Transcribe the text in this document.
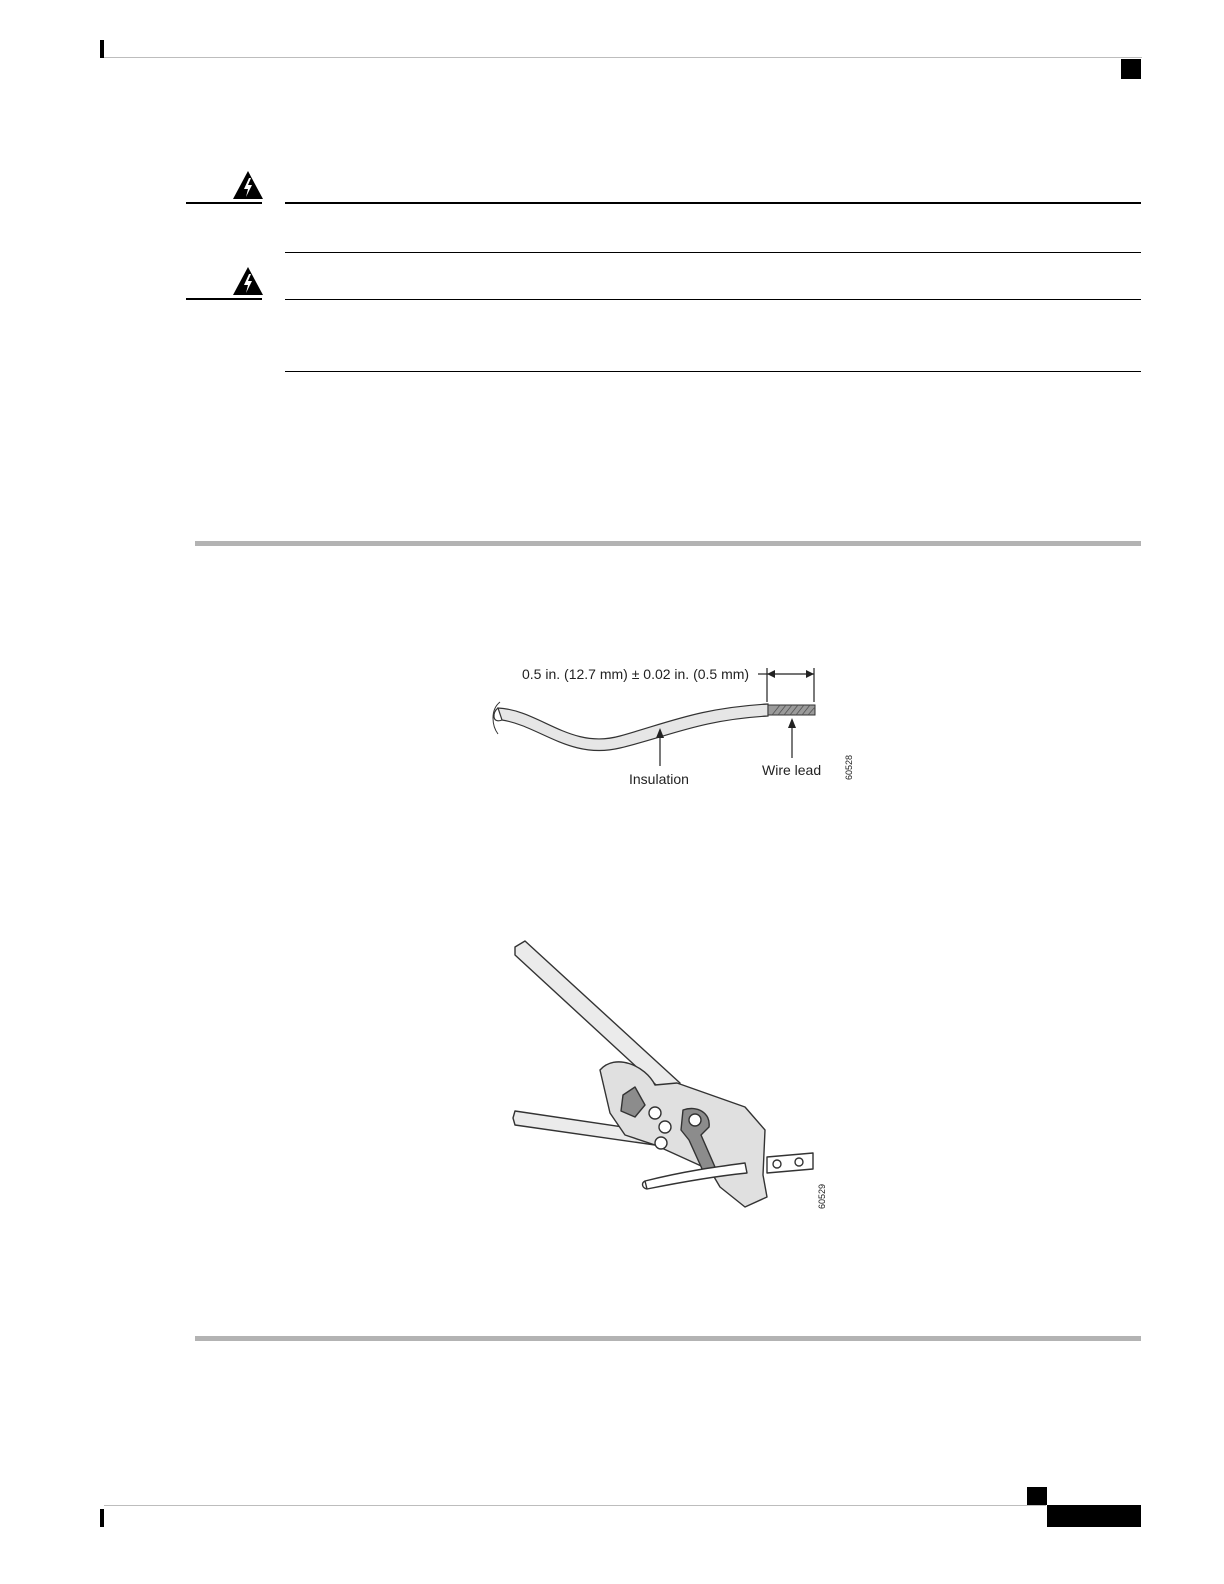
0.5 in. (12.7 mm) ± 0.02 in. (0.5 mm)
Insulation
Wire lead	60528
60529
